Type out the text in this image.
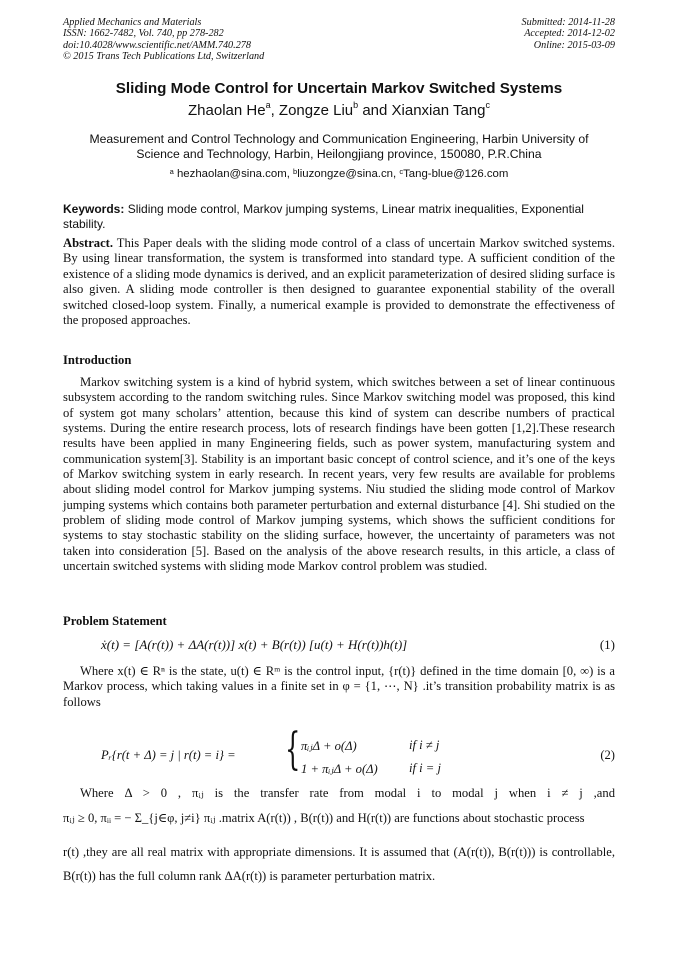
Applied Mechanics and Materials
ISSN: 1662-7482, Vol. 740, pp 278-282
doi:10.4028/www.scientific.net/AMM.740.278
© 2015 Trans Tech Publications Ltd, Switzerland
Submitted: 2014-11-28
Accepted: 2014-12-02
Online: 2015-03-09
Sliding Mode Control for Uncertain Markov Switched Systems
Zhaolan He$^a$, Zongze Liu$^b$ and Xianxian Tang$^c$
Measurement and Control Technology and Communication Engineering, Harbin University of Science and Technology, Harbin, Heilongjiang province, 150080, P.R.China
$^a$ hezhaolan@sina.com, $^b$liuzongze@sina.cn, $^c$Tang-blue@126.com
Keywords: Sliding mode control, Markov jumping systems, Linear matrix inequalities, Exponential stability.
Abstract. This Paper deals with the sliding mode control of a class of uncertain Markov switched systems. By using linear transformation, the system is transformed into standard type. A sufficient condition of the existence of a sliding mode dynamics is derived, and an explicit parameterization of desired sliding surface is also given. A sliding mode controller is then designed to guarantee exponential stability of the overall switched closed-loop system. Finally, a numerical example is provided to demonstrate the effectiveness of the proposed approaches.
Introduction
Markov switching system is a kind of hybrid system, which switches between a set of linear continuous subsystem according to the random switching rules. Since Markov switching model was proposed, this kind of system got many scholars’ attention, because this kind of system can describe numbers of practical systems. During the entire research process, lots of research findings have been gotten [1,2].These research results have been applied in many Engineering fields, such as power system, manufacturing system and communication system[3]. Stability is an important basic concept of control science, and it’s one of the keys of Markov switching system in early research. In recent years, very few results are available for problems about sliding model control for Markov jumping systems. Niu studied the sliding mode control of Markov jumping systems which contains both parameter perturbation and external disturbance [4]. Shi studied on the problem of sliding mode control of Markov jumping systems, which shows the sufficient conditions for systems to stay stochastic stability on the sliding surface, however, the uncertainty of parameters was not taken into consideration [5]. Based on the analysis of the above research results, in this article, a class of uncertain switched systems with sliding mode Markov control problem was studied.
Problem Statement
ẋ(t) = [A(r(t)) + ΔA(r(t))] x(t) + B(r(t)) [u(t) + H(r(t))h(t)]	(1)
Where x(t) ∈ Rⁿ is the state, u(t) ∈ Rᵐ is the control input, {r(t)} defined in the time domain [0, ∞) is a Markov process, which taking values in a finite set in φ = {1, ⋯, N} .it’s transition probability matrix is as follows
Pᵣ{r(t + Δ) = j | r(t) = i} = { πᵢⱼΔ + o(Δ)
1 + πᵢⱼΔ + o(Δ)
if i ≠ j
if i = j
(2)
Where Δ > 0 , πᵢⱼ is the transfer rate from modal i to modal j when i ≠ j ,and
πᵢⱼ ≥ 0, πᵢᵢ = − Σ_{j∈φ, j≠i} πᵢⱼ .matrix A(r(t)) , B(r(t)) and H(r(t)) are functions about stochastic process
r(t) ,they are all real matrix with appropriate dimensions. It is assumed that (A(r(t)), B(r(t))) is controllable, B(r(t)) has the full column rank ΔA(r(t)) is parameter perturbation matrix.
